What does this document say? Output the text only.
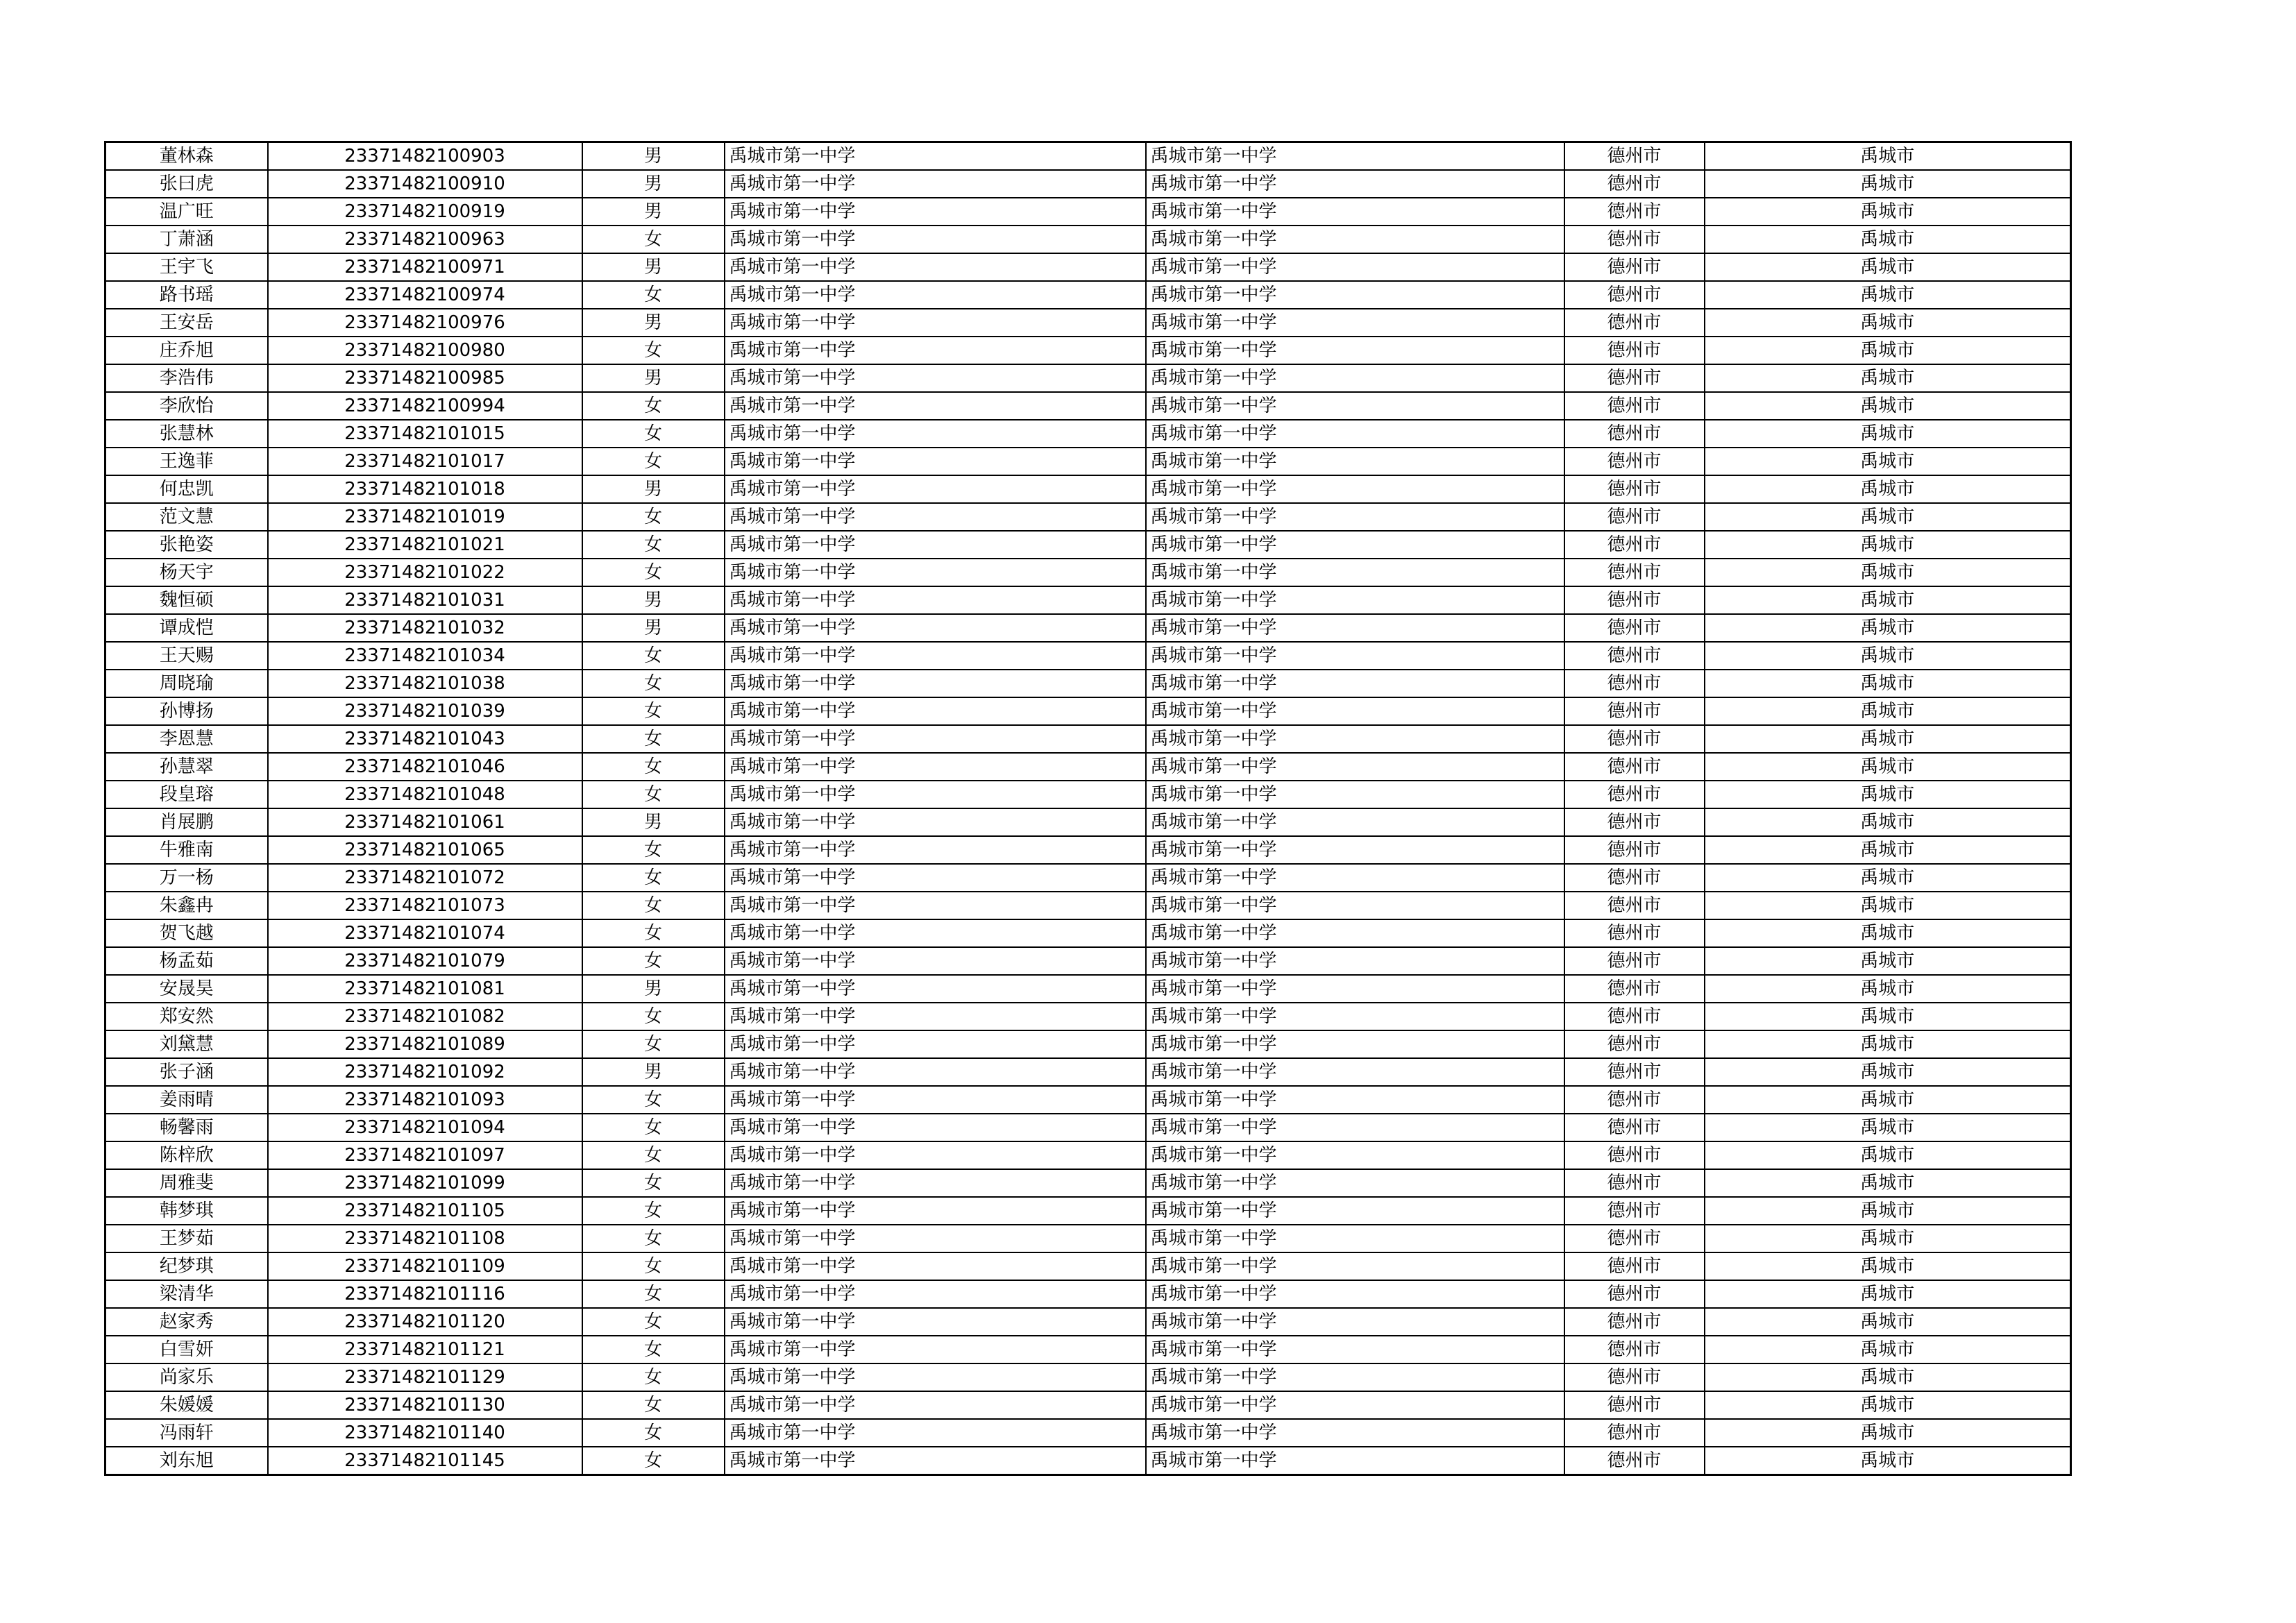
董林森	23371482100903	男	禹城市第一中学	禹城市第一中学	德州市	禹城市
张曰虎	23371482100910	男	禹城市第一中学	禹城市第一中学	德州市	禹城市
温广旺	23371482100919	男	禹城市第一中学	禹城市第一中学	德州市	禹城市
丁萧涵	23371482100963	女	禹城市第一中学	禹城市第一中学	德州市	禹城市
王宇飞	23371482100971	男	禹城市第一中学	禹城市第一中学	德州市	禹城市
路书瑶	23371482100974	女	禹城市第一中学	禹城市第一中学	德州市	禹城市
王安岳	23371482100976	男	禹城市第一中学	禹城市第一中学	德州市	禹城市
庄乔旭	23371482100980	女	禹城市第一中学	禹城市第一中学	德州市	禹城市
李浩伟	23371482100985	男	禹城市第一中学	禹城市第一中学	德州市	禹城市
李欣怡	23371482100994	女	禹城市第一中学	禹城市第一中学	德州市	禹城市
张慧林	23371482101015	女	禹城市第一中学	禹城市第一中学	德州市	禹城市
王逸菲	23371482101017	女	禹城市第一中学	禹城市第一中学	德州市	禹城市
何忠凯	23371482101018	男	禹城市第一中学	禹城市第一中学	德州市	禹城市
范文慧	23371482101019	女	禹城市第一中学	禹城市第一中学	德州市	禹城市
张艳姿	23371482101021	女	禹城市第一中学	禹城市第一中学	德州市	禹城市
杨天宇	23371482101022	女	禹城市第一中学	禹城市第一中学	德州市	禹城市
魏恒硕	23371482101031	男	禹城市第一中学	禹城市第一中学	德州市	禹城市
谭成恺	23371482101032	男	禹城市第一中学	禹城市第一中学	德州市	禹城市
王天赐	23371482101034	女	禹城市第一中学	禹城市第一中学	德州市	禹城市
周晓瑜	23371482101038	女	禹城市第一中学	禹城市第一中学	德州市	禹城市
孙博扬	23371482101039	女	禹城市第一中学	禹城市第一中学	德州市	禹城市
李恩慧	23371482101043	女	禹城市第一中学	禹城市第一中学	德州市	禹城市
孙慧翠	23371482101046	女	禹城市第一中学	禹城市第一中学	德州市	禹城市
段皇瑢	23371482101048	女	禹城市第一中学	禹城市第一中学	德州市	禹城市
肖展鹏	23371482101061	男	禹城市第一中学	禹城市第一中学	德州市	禹城市
牛雅南	23371482101065	女	禹城市第一中学	禹城市第一中学	德州市	禹城市
万一杨	23371482101072	女	禹城市第一中学	禹城市第一中学	德州市	禹城市
朱鑫冉	23371482101073	女	禹城市第一中学	禹城市第一中学	德州市	禹城市
贺飞越	23371482101074	女	禹城市第一中学	禹城市第一中学	德州市	禹城市
杨孟茹	23371482101079	女	禹城市第一中学	禹城市第一中学	德州市	禹城市
安晟昊	23371482101081	男	禹城市第一中学	禹城市第一中学	德州市	禹城市
郑安然	23371482101082	女	禹城市第一中学	禹城市第一中学	德州市	禹城市
刘黛慧	23371482101089	女	禹城市第一中学	禹城市第一中学	德州市	禹城市
张子涵	23371482101092	男	禹城市第一中学	禹城市第一中学	德州市	禹城市
姜雨晴	23371482101093	女	禹城市第一中学	禹城市第一中学	德州市	禹城市
畅馨雨	23371482101094	女	禹城市第一中学	禹城市第一中学	德州市	禹城市
陈梓欣	23371482101097	女	禹城市第一中学	禹城市第一中学	德州市	禹城市
周雅斐	23371482101099	女	禹城市第一中学	禹城市第一中学	德州市	禹城市
韩梦琪	23371482101105	女	禹城市第一中学	禹城市第一中学	德州市	禹城市
王梦茹	23371482101108	女	禹城市第一中学	禹城市第一中学	德州市	禹城市
纪梦琪	23371482101109	女	禹城市第一中学	禹城市第一中学	德州市	禹城市
梁清华	23371482101116	女	禹城市第一中学	禹城市第一中学	德州市	禹城市
赵家秀	23371482101120	女	禹城市第一中学	禹城市第一中学	德州市	禹城市
白雪妍	23371482101121	女	禹城市第一中学	禹城市第一中学	德州市	禹城市
尚家乐	23371482101129	女	禹城市第一中学	禹城市第一中学	德州市	禹城市
朱媛媛	23371482101130	女	禹城市第一中学	禹城市第一中学	德州市	禹城市
冯雨轩	23371482101140	女	禹城市第一中学	禹城市第一中学	德州市	禹城市
刘东旭	23371482101145	女	禹城市第一中学	禹城市第一中学	德州市	禹城市
